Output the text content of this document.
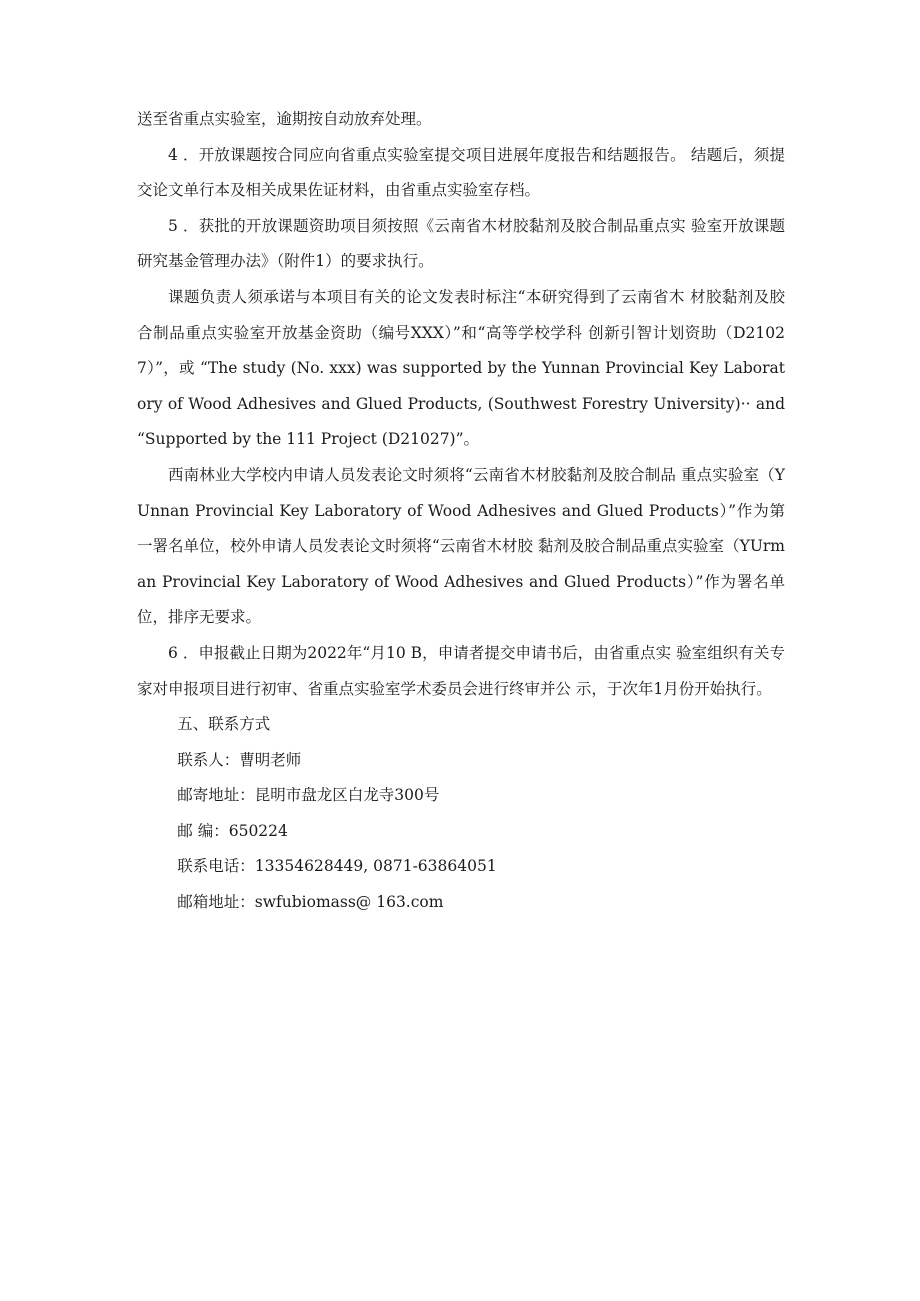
送至省重点实验室，逾期按自动放弃处理。

4 ．开放课题按合同应向省重点实验室提交项目进展年度报告和结题报告。 结题后，须提交论文单行本及相关成果佐证材料，由省重点实验室存档。

5 ．获批的开放课题资助项目须按照《云南省木材胶黏剂及胶合制品重点实 验室开放课题研究基金管理办法》（附件1）的要求执行。

课题负责人须承诺与本项目有关的论文发表时标注“本研究得到了云南省木 材胶黏剂及胶合制品重点实验室开放基金资助（编号XXX）”和“高等学校学科 创新引智计划资助（D21027）”，或 “The study (No. xxx) was supported by the Yunnan Provincial Key Laboratory of Wood Adhesives and Glued Products, (Southwest Forestry University)·· and “Supported by the 111 Project (D21027)”。

西南林业大学校内申请人员发表论文时须将“云南省木材胶黏剂及胶合制品 重点实验室（YUnnan Provincial Key Laboratory of Wood Adhesives and Glued Products）”作为第一署名单位，校外申请人员发表论文时须将“云南省木材胶 黏剂及胶合制品重点实验室（YUrman Provincial Key Laboratory of Wood Adhesives and Glued Products）”作为署名单位，排序无要求。

6 ．申报截止日期为2022年“月10 B，申请者提交申请书后，由省重点实 验室组织有关专家对申报项目进行初审、省重点实验室学术委员会进行终审并公 示，于次年1月份开始执行。

五、联系方式

联系人：曹明老师

邮寄地址：昆明市盘龙区白龙寺300号

邮 编：650224

联系电话：13354628449, 0871-63864051

邮箱地址：swfubiomass@ 163.com
